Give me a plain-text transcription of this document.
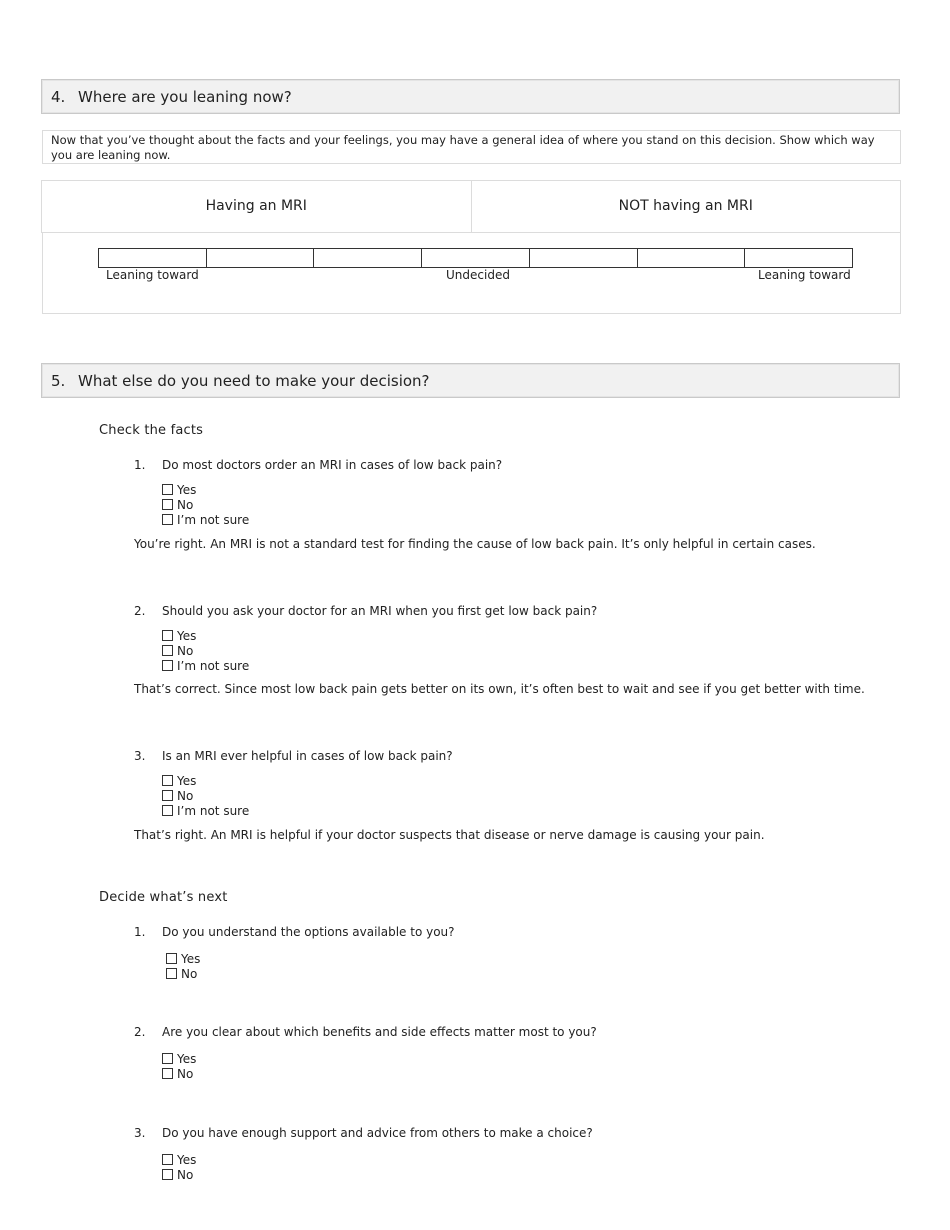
4. Where are you leaning now?
Now that you’ve thought about the facts and your feelings, you may have a general idea of where you stand on this decision. Show which way you are leaning now.
Having an MRI	NOT having an MRI
Leaning toward	Undecided	Leaning toward
5. What else do you need to make your decision?
Check the facts
1. Do most doctors order an MRI in cases of low back pain?
Yes
No
I’m not sure
You’re right. An MRI is not a standard test for finding the cause of low back pain. It’s only helpful in certain cases.
2. Should you ask your doctor for an MRI when you first get low back pain?
Yes
No
I’m not sure
That’s correct. Since most low back pain gets better on its own, it’s often best to wait and see if you get better with time.
3. Is an MRI ever helpful in cases of low back pain?
Yes
No
I’m not sure
That’s right. An MRI is helpful if your doctor suspects that disease or nerve damage is causing your pain.
Decide what’s next
1. Do you understand the options available to you?
Yes
No
2. Are you clear about which benefits and side effects matter most to you?
Yes
No
3. Do you have enough support and advice from others to make a choice?
Yes
No
